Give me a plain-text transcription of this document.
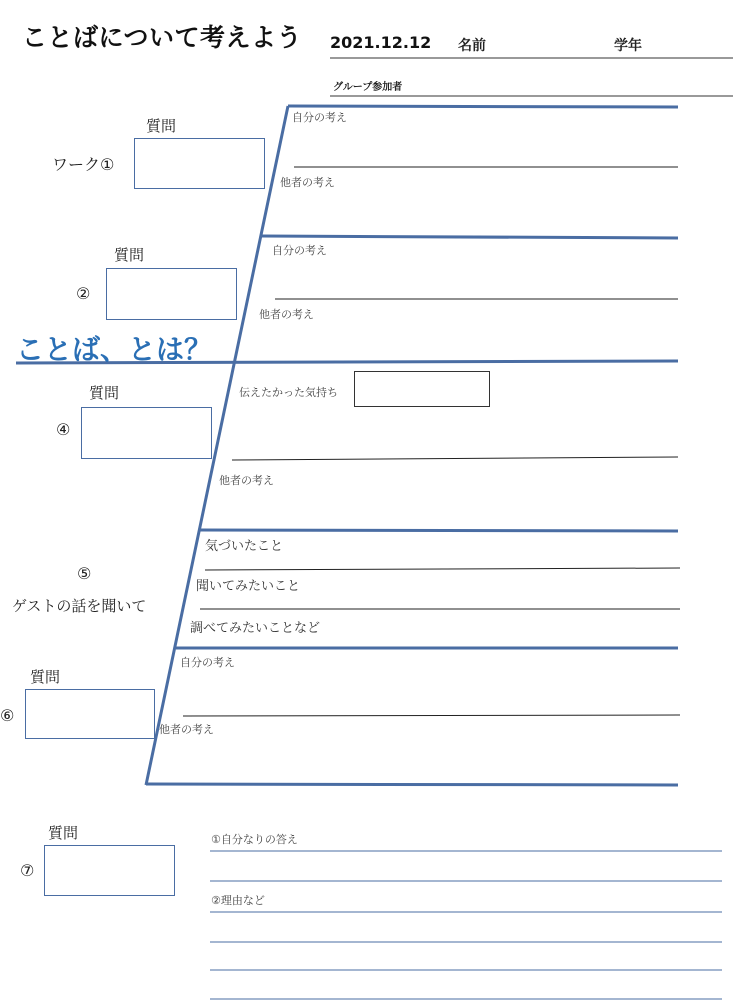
ことばについて考えよう 2021.12.12 名前	学年
グループ参加者
質問
ワーク①
自分の考え
他者の考え
質問
②
自分の考え
他者の考え
ことば、とは？
質問
④
伝えたかった気持ち
他者の考え
⑤
ゲストの話を聞いて
気づいたこと
聞いてみたいこと
調べてみたいことなど
質問
⑥
自分の考え
他者の考え
質問
⑦
①自分なりの答え
②理由など
